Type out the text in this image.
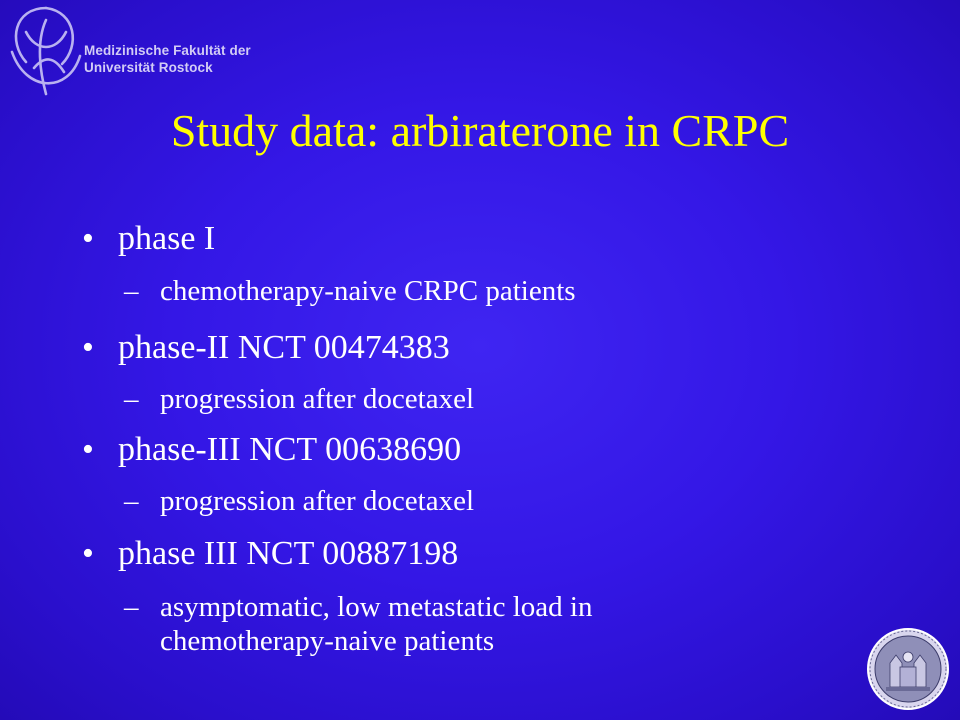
Medizinische Fakultät der
Universität Rostock
Study data: arbiraterone in CRPC
• phase I
– chemotherapy-naive CRPC patients
• phase-II NCT 00474383
– progression after docetaxel
• phase-III NCT 00638690
– progression after docetaxel
• phase III NCT 00887198
– asymptomatic, low metastatic load in chemotherapy-naive patients
